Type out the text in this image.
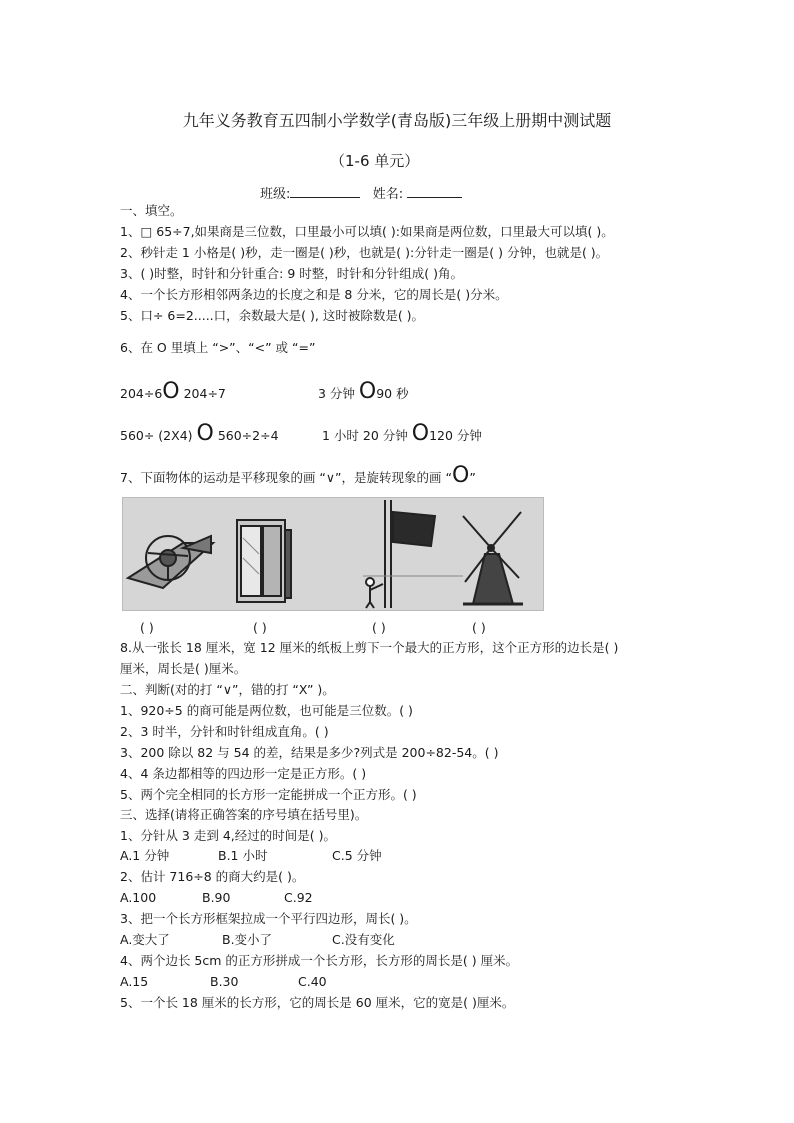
九年义务教育五四制小学数学(青岛版)三年级上册期中测试题
（1-6 单元）
班级:	姓名:
一、填空。
1、□ 65÷7,如果商是三位数，口里最小可以填( ):如果商是两位数，口里最大可以填( )。
2、秒针走 1 小格是( )秒，走一圈是( )秒，也就是( ):分针走一圈是( ) 分钟，也就是( )。
3、( )时整，时针和分针重合: 9 时整，时针和分针组成( )角。
4、一个长方形相邻两条边的长度之和是 8 分米，它的周长是( )分米。
5、口÷ 6=2.....口，余数最大是( ), 这时被除数是( )。
6、在 O 里填上 “>”、“<” 或 “=”
204÷6O 204÷7	3 分钟 O90 秒
560÷ (2X4) O 560÷2÷4	1 小时 20 分钟 O120 分钟
7、下面物体的运动是平移现象的画 “∨”，是旋转现象的画 “O”
( )	( )	( )	( )
8.从一张长 18 厘米，宽 12 厘米的纸板上剪下一个最大的正方形，这个正方形的边长是( )
厘米，周长是( )厘米。
二、判断(对的打 “∨”，错的打 “X” )。
1、920÷5 的商可能是两位数，也可能是三位数。( )
2、3 时半，分针和时针组成直角。( )
3、200 除以 82 与 54 的差，结果是多少?列式是 200÷82-54。( )
4、4 条边都相等的四边形一定是正方形。( )
5、两个完全相同的长方形一定能拼成一个正方形。( )
三、选择(请将正确答案的序号填在括号里)。
1、分针从 3 走到 4,经过的时间是( )。
A.1 分钟	B.1 小时	C.5 分钟
2、估计 716÷8 的商大约是( )。
A.100	B.90	C.92
3、把一个长方形框架拉成一个平行四边形，周长( )。
A.变大了	B.变小了	C.没有变化
4、两个边长 5cm 的正方形拼成一个长方形，长方形的周长是( ) 厘米。
A.15	B.30	C.40
5、一个长 18 厘米的长方形，它的周长是 60 厘米，它的宽是( )厘米。
